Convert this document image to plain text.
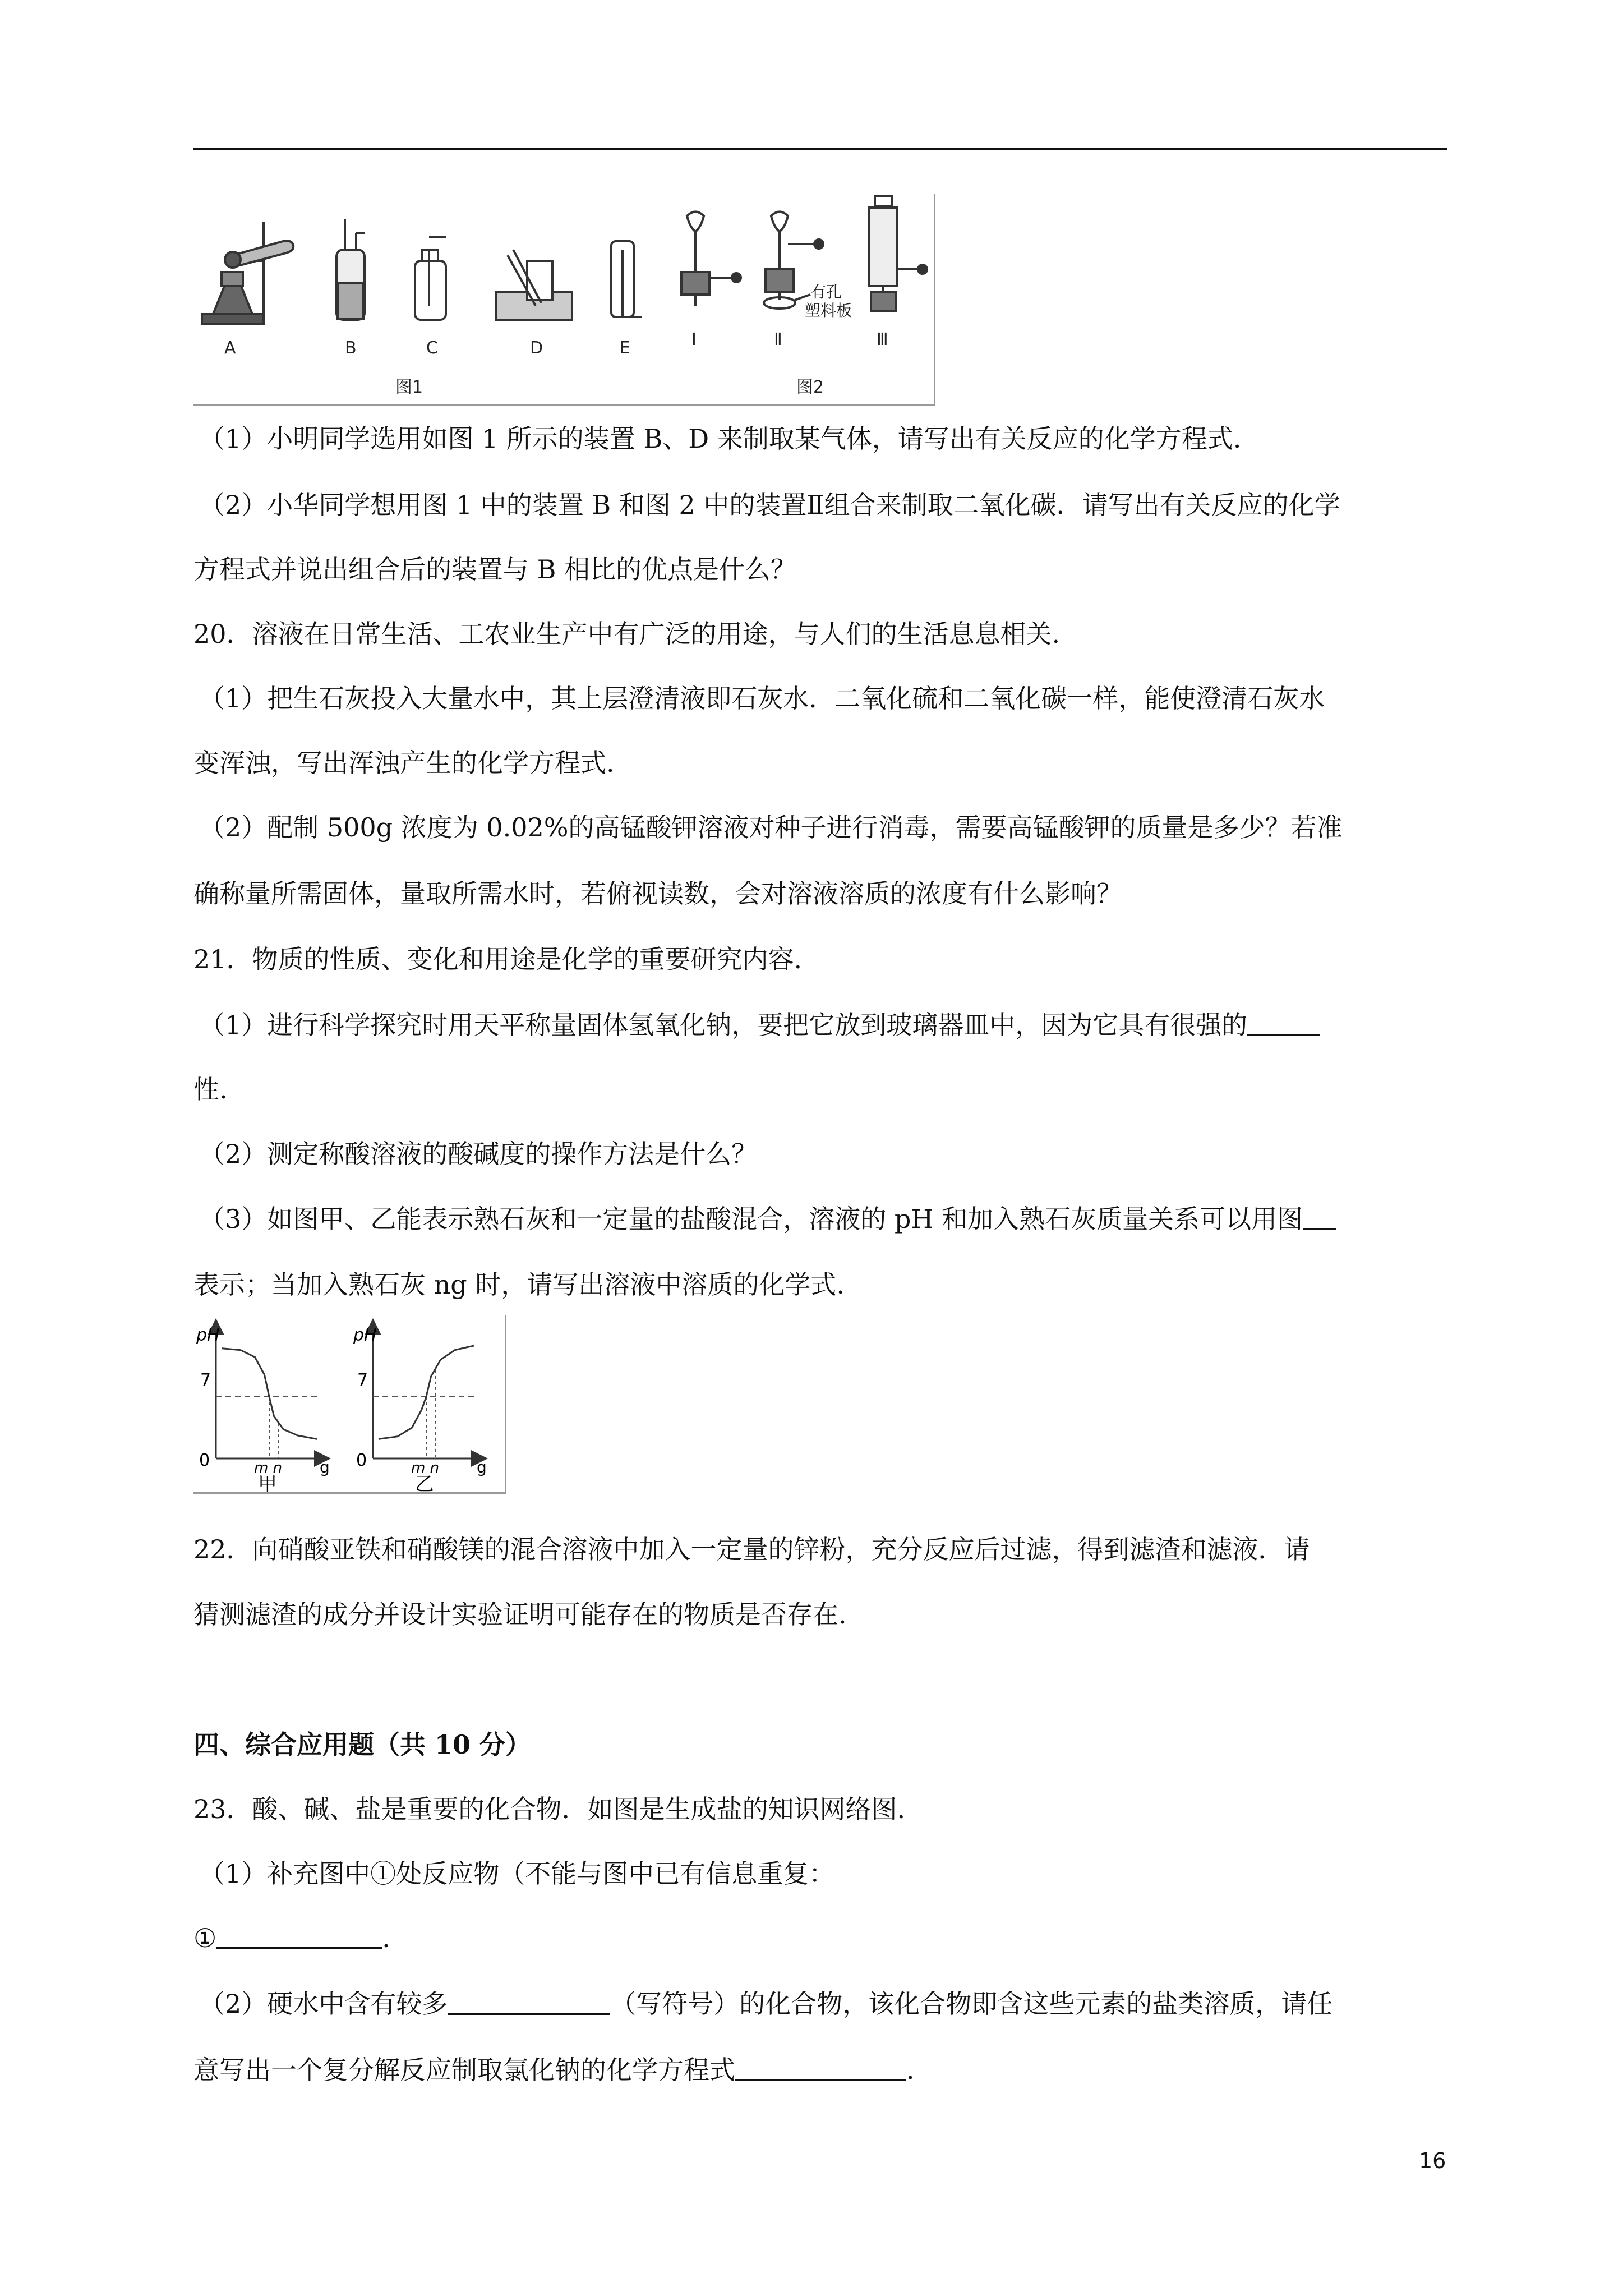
A	B	C	D	E	Ⅰ	Ⅱ	Ⅲ
有孔
塑料板
图1	图2
（1）小明同学选用如图 1 所示的装置 B、D 来制取某气体，请写出有关反应的化学方程式.
（2）小华同学想用图 1 中的装置 B 和图 2 中的装置Ⅱ组合来制取二氧化碳．请写出有关反应的化学
方程式并说出组合后的装置与 B 相比的优点是什么？
20．溶液在日常生活、工农业生产中有广泛的用途，与人们的生活息息相关.
（1）把生石灰投入大量水中，其上层澄清液即石灰水．二氧化硫和二氧化碳一样，能使澄清石灰水
变浑浊，写出浑浊产生的化学方程式.
（2）配制 500g 浓度为 0.02%的高锰酸钾溶液对种子进行消毒，需要高锰酸钾的质量是多少？若准
确称量所需固体，量取所需水时，若俯视读数，会对溶液溶质的浓度有什么影响？
21．物质的性质、变化和用途是化学的重要研究内容.
（1）进行科学探究时用天平称量固体氢氧化钠，要把它放到玻璃器皿中，因为它具有很强的
性.
（2）测定称酸溶液的酸碱度的操作方法是什么？
（3）如图甲、乙能表示熟石灰和一定量的盐酸混合，溶液的 pH 和加入熟石灰质量关系可以用图
表示；当加入熟石灰 ng 时，请写出溶液中溶质的化学式.
pH
7
0	m n g
甲
pH
7
0	m n g
乙
22．向硝酸亚铁和硝酸镁的混合溶液中加入一定量的锌粉，充分反应后过滤，得到滤渣和滤液．请
猜测滤渣的成分并设计实验证明可能存在的物质是否存在.
四、综合应用题（共 10 分）
23．酸、碱、盐是重要的化合物．如图是生成盐的知识网络图.
（1）补充图中①处反应物（不能与图中已有信息重复：
①	.
（2）硬水中含有较多	（写符号）的化合物，该化合物即含这些元素的盐类溶质，请任
意写出一个复分解反应制取氯化钠的化学方程式	.
16
